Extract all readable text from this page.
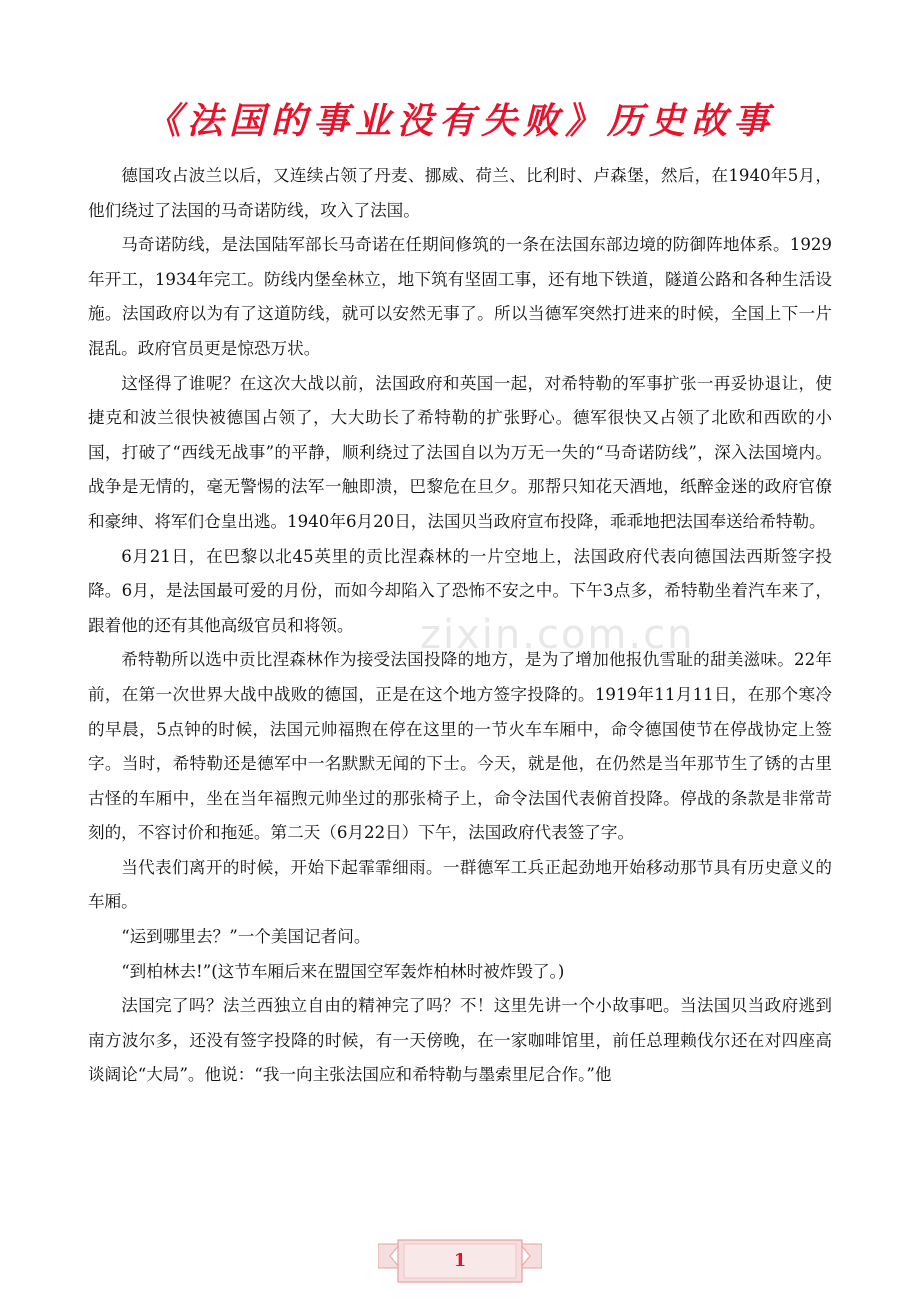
zixin.com.cn
《法国的事业没有失败》历史故事

德国攻占波兰以后，又连续占领了丹麦、挪威、荷兰、比利时、卢森堡，然后，在1940年5月，他们绕过了法国的马奇诺防线，攻入了法国。

马奇诺防线，是法国陆军部长马奇诺在任期间修筑的一条在法国东部边境的防御阵地体系。1929年开工，1934年完工。防线内堡垒林立，地下筑有坚固工事，还有地下铁道，隧道公路和各种生活设施。法国政府以为有了这道防线，就可以安然无事了。所以当德军突然打进来的时候，全国上下一片混乱。政府官员更是惊恐万状。

这怪得了谁呢？在这次大战以前，法国政府和英国一起，对希特勒的军事扩张一再妥协退让，使捷克和波兰很快被德国占领了，大大助长了希特勒的扩张野心。德军很快又占领了北欧和西欧的小国，打破了“西线无战事”的平静，顺利绕过了法国自以为万无一失的“马奇诺防线”，深入法国境内。战争是无情的，毫无警惕的法军一触即溃，巴黎危在旦夕。那帮只知花天酒地，纸醉金迷的政府官僚和豪绅、将军们仓皇出逃。1940年6月20日，法国贝当政府宣布投降，乖乖地把法国奉送给希特勒。

6月21日，在巴黎以北45英里的贡比涅森林的一片空地上，法国政府代表向德国法西斯签字投降。6月，是法国最可爱的月份，而如今却陷入了恐怖不安之中。下午3点多，希特勒坐着汽车来了，跟着他的还有其他高级官员和将领。

希特勒所以选中贡比涅森林作为接受法国投降的地方，是为了增加他报仇雪耻的甜美滋味。22年前，在第一次世界大战中战败的德国，正是在这个地方签字投降的。1919年11月11日，在那个寒冷的早晨，5点钟的时候，法国元帅福煦在停在这里的一节火车车厢中，命令德国使节在停战协定上签字。当时，希特勒还是德军中一名默默无闻的下士。今天，就是他，在仍然是当年那节生了锈的古里古怪的车厢中，坐在当年福煦元帅坐过的那张椅子上，命令法国代表俯首投降。停战的条款是非常苛刻的，不容讨价和拖延。第二天（6月22日）下午，法国政府代表签了字。

当代表们离开的时候，开始下起霏霏细雨。一群德军工兵正起劲地开始移动那节具有历史意义的车厢。

“运到哪里去？”一个美国记者问。

“到柏林去!”(这节车厢后来在盟国空军轰炸柏林时被炸毁了。)

法国完了吗？法兰西独立自由的精神完了吗？不！这里先讲一个小故事吧。当法国贝当政府逃到南方波尔多，还没有签字投降的时候，有一天傍晚，在一家咖啡馆里，前任总理赖伐尔还在对四座高谈阔论“大局”。他说：“我一向主张法国应和希特勒与墨索里尼合作。”他

1
